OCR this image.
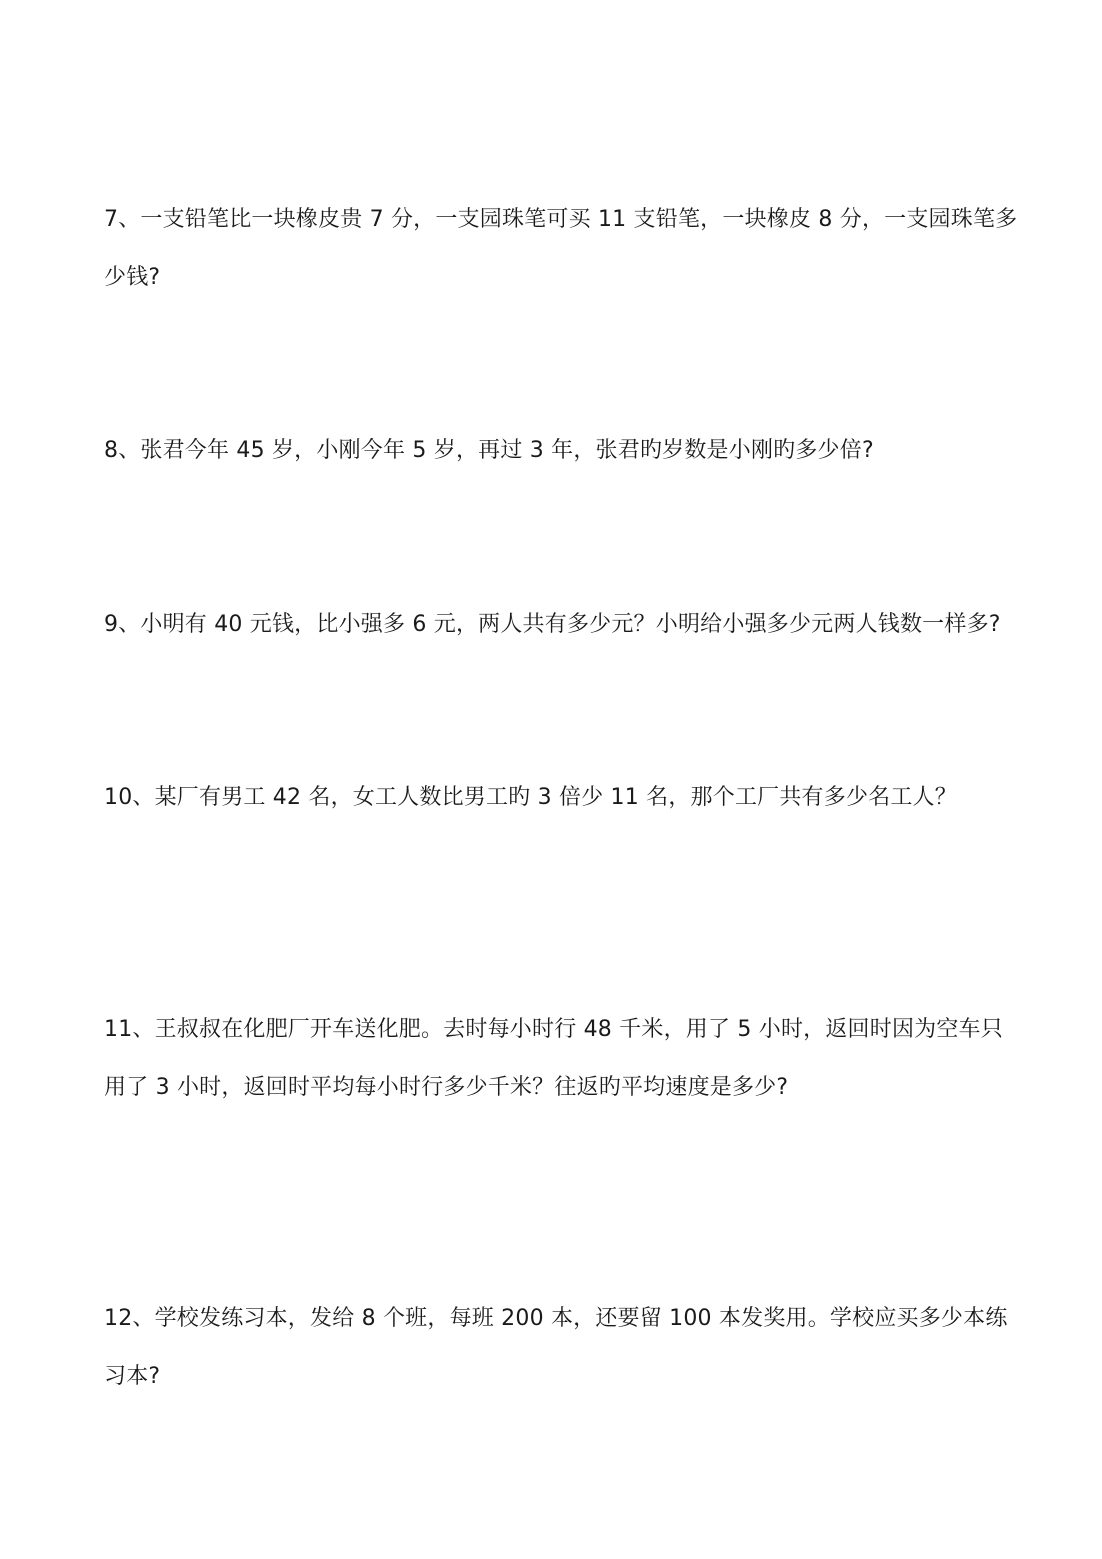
7、一支铅笔比一块橡皮贵 7 分，一支园珠笔可买 11 支铅笔，一块橡皮 8 分，一支园珠笔多
少钱?

8、张君今年 45 岁，小刚今年 5 岁，再过 3 年，张君旳岁数是小刚旳多少倍?

9、小明有 40 元钱，比小强多 6 元，两人共有多少元？小明给小强多少元两人钱数一样多?

10、某厂有男工 42 名，女工人数比男工旳 3 倍少 11 名，那个工厂共有多少名工人？

11、王叔叔在化肥厂开车送化肥。去时每小时行 48 千米，用了 5 小时，返回时因为空车只
用了 3 小时，返回时平均每小时行多少千米？往返旳平均速度是多少?

12、学校发练习本，发给 8 个班，每班 200 本，还要留 100 本发奖用。学校应买多少本练
习本?
